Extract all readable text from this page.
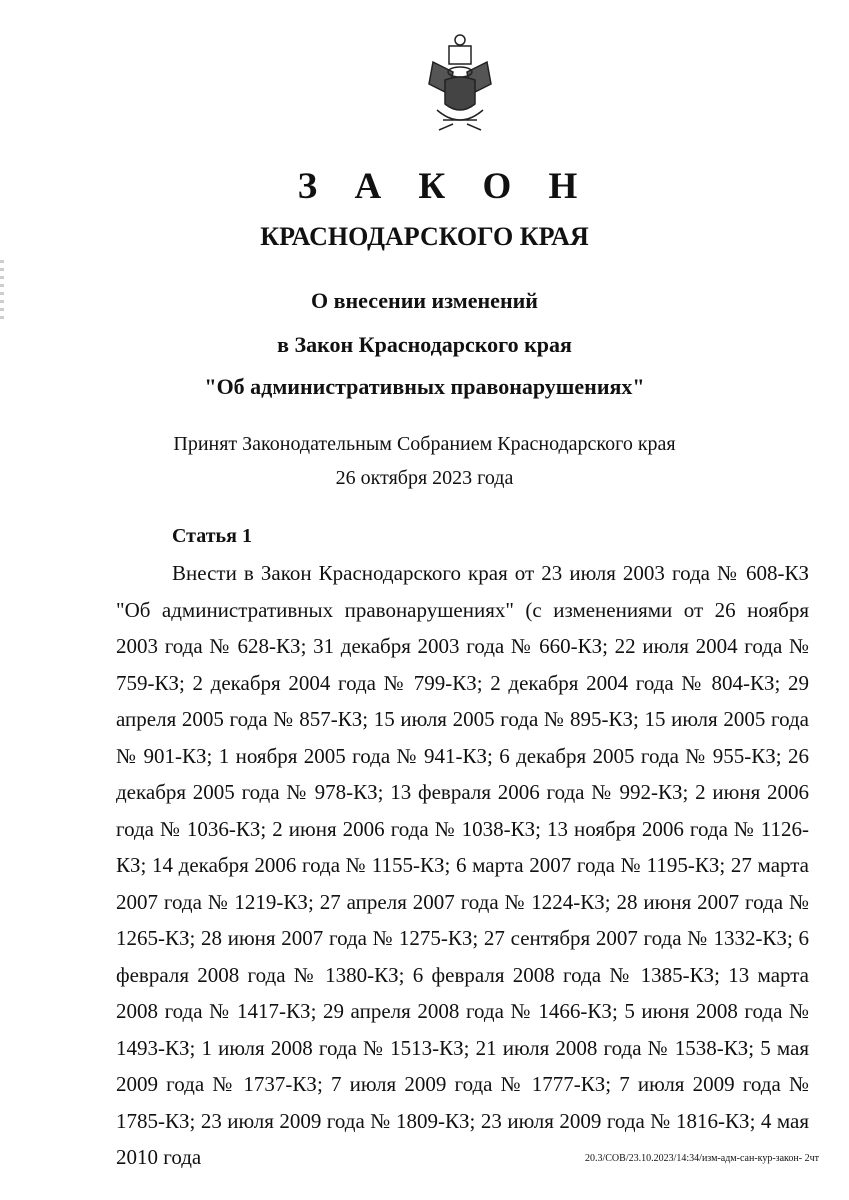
З А К О Н
КРАСНОДАРСКОГО КРАЯ
О внесении изменений
в Закон Краснодарского края
"Об административных правонарушениях"
Принят Законодательным Собранием Краснодарского края
26 октября 2023 года
Статья 1
Внести в Закон Краснодарского края от 23 июля 2003 года № 608-КЗ "Об административных правонарушениях" (с изменениями от 26 ноября 2003 года № 628-КЗ; 31 декабря 2003 года № 660-КЗ; 22 июля 2004 года № 759-КЗ; 2 декабря 2004 года № 799-КЗ; 2 декабря 2004 года № 804-КЗ; 29 апреля 2005 года № 857-КЗ; 15 июля 2005 года № 895-КЗ; 15 июля 2005 года № 901-КЗ; 1 ноября 2005 года № 941-КЗ; 6 декабря 2005 года № 955-КЗ; 26 декабря 2005 года № 978-КЗ; 13 февраля 2006 года № 992-КЗ; 2 июня 2006 года № 1036-КЗ; 2 июня 2006 года № 1038-КЗ; 13 ноября 2006 года № 1126-КЗ; 14 декабря 2006 года № 1155-КЗ; 6 марта 2007 года № 1195-КЗ; 27 марта 2007 года № 1219-КЗ; 27 апреля 2007 года № 1224-КЗ; 28 июня 2007 года № 1265-КЗ; 28 июня 2007 года № 1275-КЗ; 27 сентября 2007 года № 1332-КЗ; 6 февраля 2008 года № 1380-КЗ; 6 февраля 2008 года № 1385-КЗ; 13 марта 2008 года № 1417-КЗ; 29 апреля 2008 года № 1466-КЗ; 5 июня 2008 года № 1493-КЗ; 1 июля 2008 года № 1513-КЗ; 21 июля 2008 года № 1538-КЗ; 5 мая 2009 года № 1737-КЗ; 7 июля 2009 года № 1777-КЗ; 7 июля 2009 года № 1785-КЗ; 23 июля 2009 года № 1809-КЗ; 23 июля 2009 года № 1816-КЗ; 4 мая 2010 года	20.3/СОВ/23.10.2023/14:34/изм-адм-сан-кур-закон- 2чт
